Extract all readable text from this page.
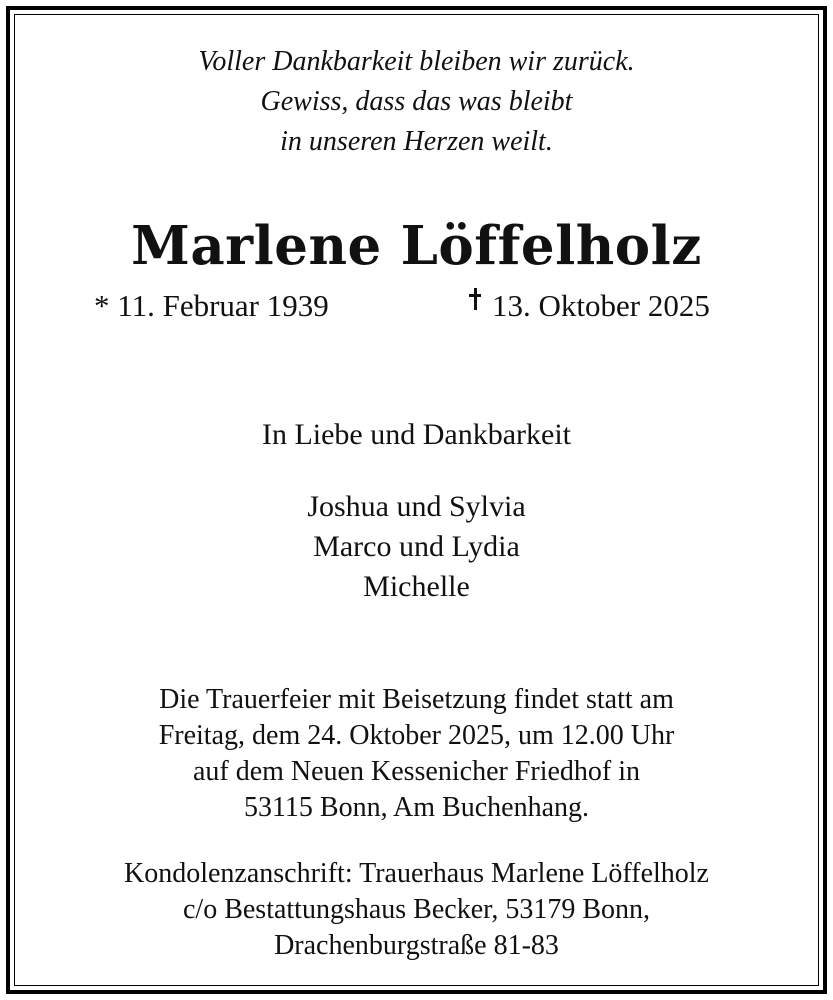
Voller Dankbarkeit bleiben wir zurück.
Gewiss, dass das was bleibt
in unseren Herzen weilt.
Marlene Löffelholz
* 11. Februar 1939	13. Oktober 2025
In Liebe und Dankbarkeit
Joshua und Sylvia
Marco und Lydia
Michelle
Die Trauerfeier mit Beisetzung findet statt am
Freitag, dem 24. Oktober 2025, um 12.00 Uhr
auf dem Neuen Kessenicher Friedhof in
53115 Bonn, Am Buchenhang.
Kondolenzanschrift: Trauerhaus Marlene Löffelholz
c/o Bestattungshaus Becker, 53179 Bonn,
Drachenburgstraße 81-83
